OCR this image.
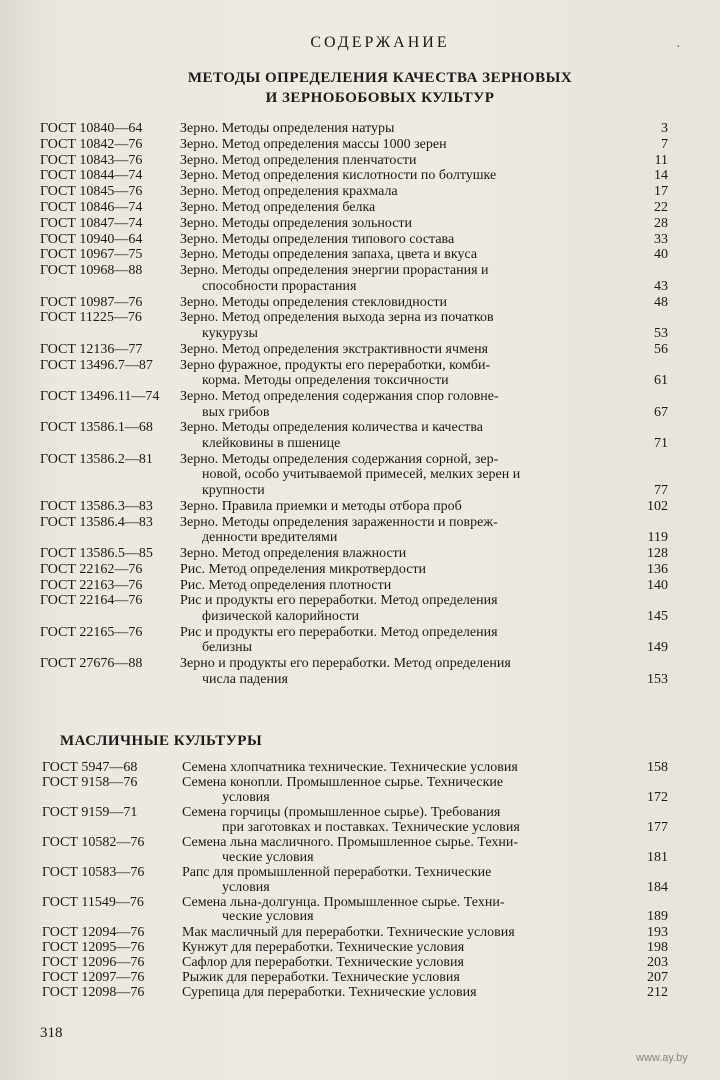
·
СОДЕРЖАНИЕ
МЕТОДЫ ОПРЕДЕЛЕНИЯ КАЧЕСТВА ЗЕРНОВЫХ
И ЗЕРНОБОБОВЫХ КУЛЬТУР
ГОСТ 10840—64	Зерно. Методы определения натуры	3
ГОСТ 10842—76	Зерно. Метод определения массы 1000 зерен	7
ГОСТ 10843—76	Зерно. Метод определения пленчатости	11
ГОСТ 10844—74	Зерно. Метод определения кислотности по болтушке	14
ГОСТ 10845—76	Зерно. Метод определения крахмала	17
ГОСТ 10846—74	Зерно. Метод определения белка	22
ГОСТ 10847—74	Зерно. Методы определения зольности	28
ГОСТ 10940—64	Зерно. Методы определения типового состава	33
ГОСТ 10967—75	Зерно. Методы определения запаха, цвета и вкуса	40
ГОСТ 10968—88	Зерно. Методы определения энергии прорастания и
способности прорастания	43
ГОСТ 10987—76	Зерно. Методы определения стекловидности	48
ГОСТ 11225—76	Зерно. Метод определения выхода зерна из початков
кукурузы	53
ГОСТ 12136—77	Зерно. Метод определения экстрактивности ячменя	56
ГОСТ 13496.7—87 Зерно фуражное, продукты его переработки, комби-
корма. Методы определения токсичности	61
ГОСТ 13496.11—74 Зерно. Метод определения содержания спор головне-
вых грибов	67
ГОСТ 13586.1—68 Зерно. Методы определения количества и качества
клейковины в пшенице	71
ГОСТ 13586.2—81 Зерно. Методы определения содержания сорной, зер-
новой, особо учитываемой примесей, мелких зерен и
крупности	77
ГОСТ 13586.3—83 Зерно. Правила приемки и методы отбора проб	102
ГОСТ 13586.4—83 Зерно. Методы определения зараженности и повреж-
денности вредителями	119
ГОСТ 13586.5—85 Зерно. Метод определения влажности	128
ГОСТ 22162—76	Рис. Метод определения микротвердости	136
ГОСТ 22163—76	Рис. Метод определения плотности	140
ГОСТ 22164—76	Рис и продукты его переработки. Метод определения
физической калорийности	145
ГОСТ 22165—76	Рис и продукты его переработки. Метод определения
белизны	149
ГОСТ 27676—88	Зерно и продукты его переработки. Метод определения
числа падения	153
МАСЛИЧНЫЕ КУЛЬТУРЫ
ГОСТ 5947—68	Семена хлопчатника технические. Технические условия	158
ГОСТ 9158—76	Семена конопли. Промышленное сырье. Технические
условия	172
ГОСТ 9159—71	Семена горчицы (промышленное сырье). Требования
при заготовках и поставках. Технические условия	177
ГОСТ 10582—76	Семена льна масличного. Промышленное сырье. Техни-
ческие условия	181
ГОСТ 10583—76	Рапс для промышленной переработки. Технические
условия	184
ГОСТ 11549—76	Семена льна-долгунца. Промышленное сырье. Техни-
ческие условия	189
ГОСТ 12094—76	Мак масличный для переработки. Технические условия	193
ГОСТ 12095—76	Кунжут для переработки. Технические условия	198
ГОСТ 12096—76	Сафлор для переработки. Технические условия	203
ГОСТ 12097—76	Рыжик для переработки. Технические условия	207
ГОСТ 12098—76	Сурепица для переработки. Технические условия	212
318
www.ay.by
